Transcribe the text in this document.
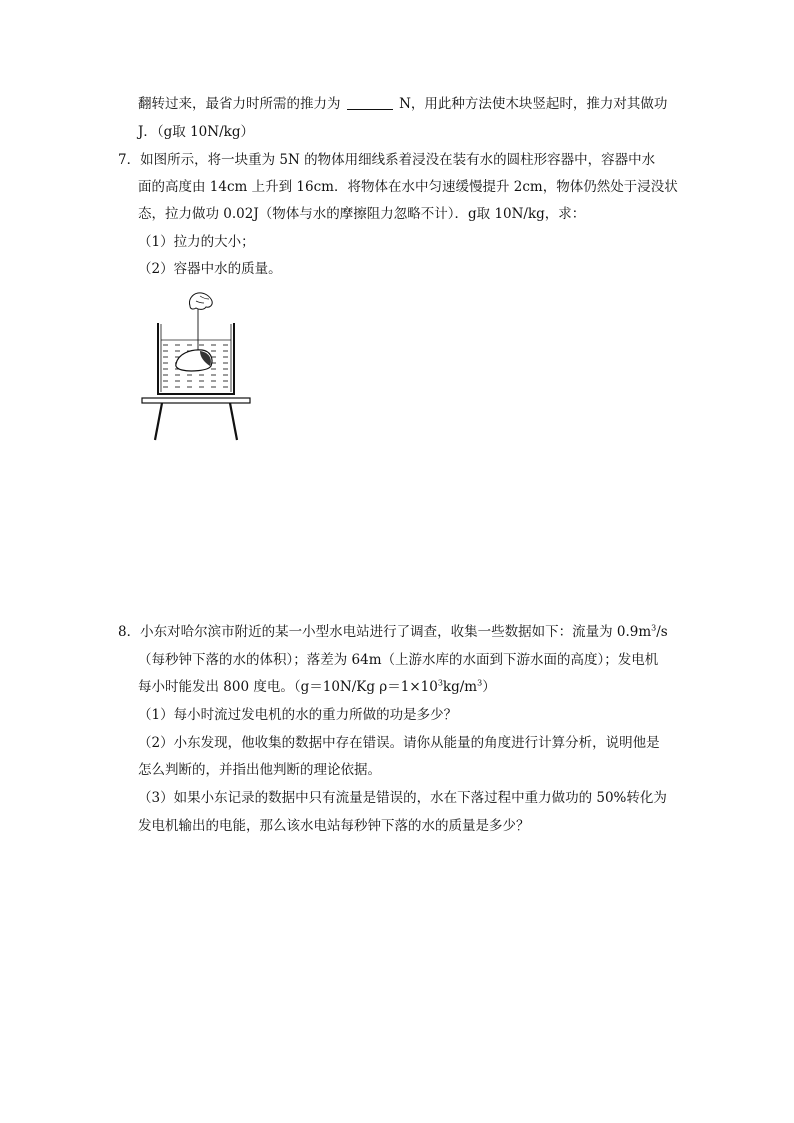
翻转过来，最省力时所需的推力为	N，用此种方法使木块竖起时，推力对其做功
J．（g取 10N/kg）
7．如图所示，将一块重为 5N 的物体用细线系着浸没在装有水的圆柱形容器中，容器中水
面的高度由 14cm 上升到 16cm．将物体在水中匀速缓慢提升 2cm，物体仍然处于浸没状
态，拉力做功 0.02J（物体与水的摩擦阻力忽略不计）．g取 10N/kg，求：
（1）拉力的大小；
（2）容器中水的质量。
8．小东对哈尔滨市附近的某一小型水电站进行了调查，收集一些数据如下：流量为 $0.9m^3/s$
（每秒钟下落的水的体积）；落差为 64m（上游水库的水面到下游水面的高度）；发电机
每小时能发出 800 度电。（g＝10N/Kg $\rho=1\times 10^3kg/m^3$）
（1）每小时流过发电机的水的重力所做的功是多少？
（2）小东发现，他收集的数据中存在错误。请你从能量的角度进行计算分析，说明他是
怎么判断的，并指出他判断的理论依据。
（3）如果小东记录的数据中只有流量是错误的，水在下落过程中重力做功的 50%转化为
发电机输出的电能，那么该水电站每秒钟下落的水的质量是多少？
